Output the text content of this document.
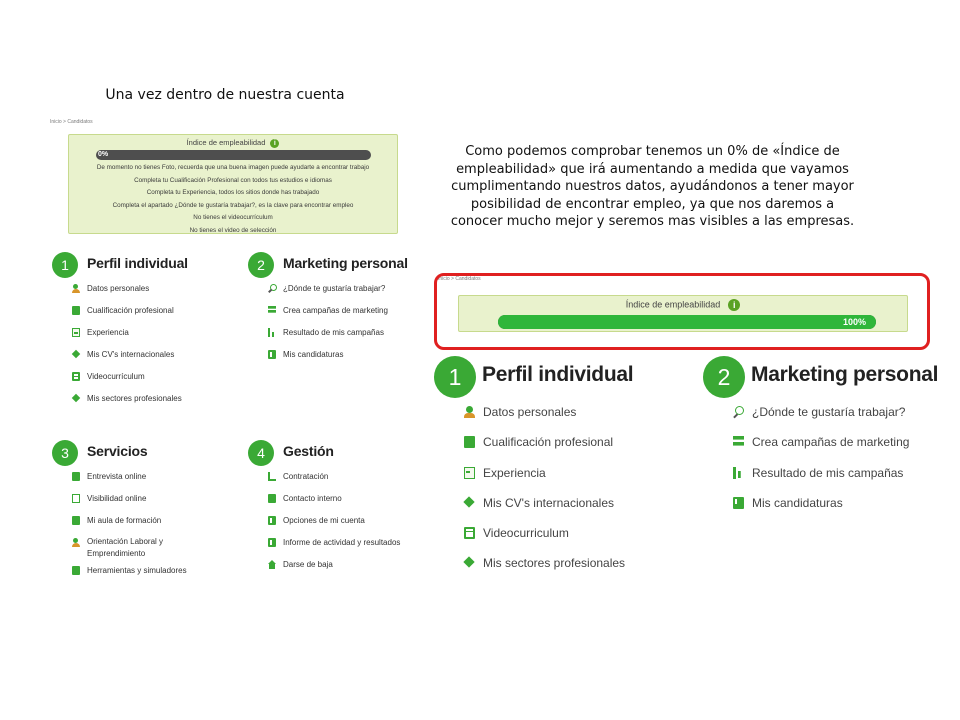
Una vez dentro de nuestra cuenta
Inicio > Candidatos
Índice de empleabilidad i
0%
De momento no tienes Foto, recuerda que una buena imagen puede ayudarte a encontrar trabajo
Completa tu Cualificación Profesional con todos tus estudios e idiomas
Completa tu Experiencia, todos los sitios donde has trabajado
Completa el apartado ¿Dónde te gustaría trabajar?, es la clave para encontrar empleo
No tienes el videocurrículum
No tienes el video de selección
1	Perfil individual
Datos personales
Cualificación profesional
Experiencia
Mis CV's internacionales
Videocurrículum
Mis sectores profesionales
2	Marketing personal
¿Dónde te gustaría trabajar?
Crea campañas de marketing
Resultado de mis campañas
Mis candidaturas
3	Servicios
Entrevista online
Visibilidad online
Mi aula de formación
Orientación Laboral y Emprendimiento
Herramientas y simuladores
4	Gestión
Contratación
Contacto interno
Opciones de mi cuenta
Informe de actividad y resultados
Darse de baja
Como podemos comprobar tenemos un 0% de «Índice de empleabilidad» que irá aumentando a medida que vayamos cumplimentando nuestros datos, ayudándonos a tener mayor posibilidad de encontrar empleo, ya que nos daremos a conocer mucho mejor y seremos mas visibles a las empresas.
Inicio > Candidatos
Índice de empleabilidad i
100%
1 Perfil individual
Datos personales
Cualificación profesional
Experiencia
Mis CV's internacionales
Videocurriculum
Mis sectores profesionales
2 Marketing personal
¿Dónde te gustaría trabajar?
Crea campañas de marketing
Resultado de mis campañas
Mis candidaturas
